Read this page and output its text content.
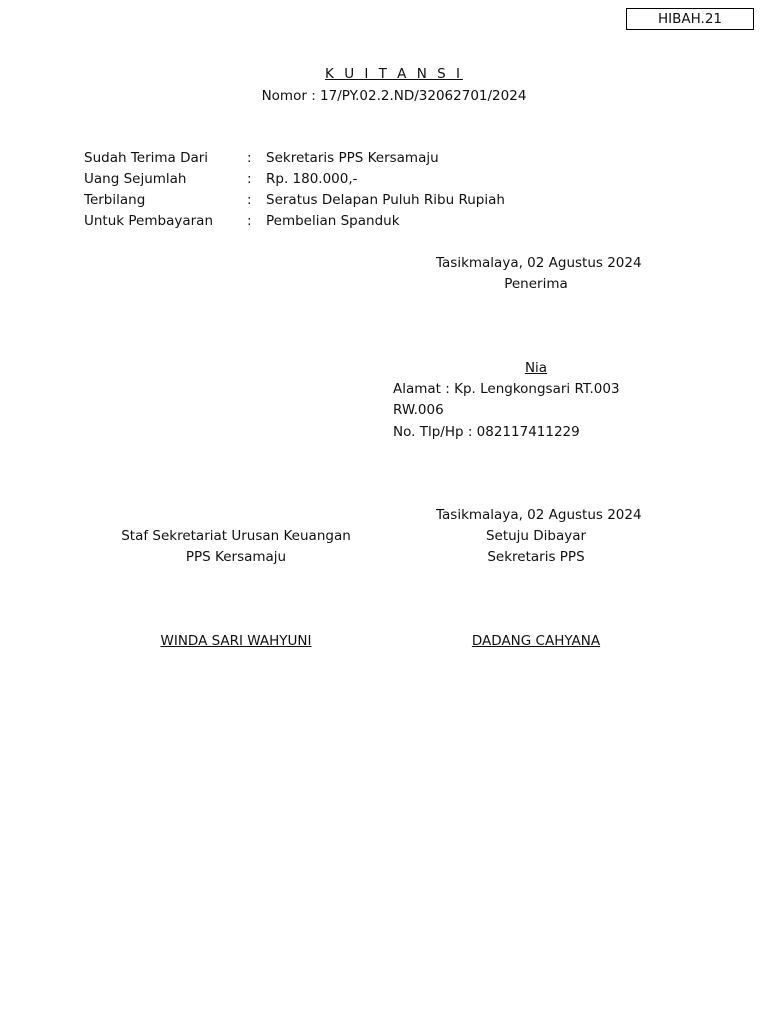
HIBAH.21
K U I T A N S I
Nomor : 17/PY.02.2.ND/32062701/2024
Sudah Terima Dari	: Sekretaris PPS Kersamaju
Uang Sejumlah	: Rp. 180.000,-
Terbilang	: Seratus Delapan Puluh Ribu Rupiah
Untuk Pembayaran	: Pembelian Spanduk
Tasikmalaya, 02 Agustus 2024
Penerima
Nia
Alamat : Kp. Lengkongsari RT.003
RW.006
No. Tlp/Hp : 082117411229
Tasikmalaya, 02 Agustus 2024
Setuju Dibayar
Sekretaris PPS
DADANG CAHYANA
Staf Sekretariat Urusan Keuangan
PPS Kersamaju
WINDA SARI WAHYUNI
